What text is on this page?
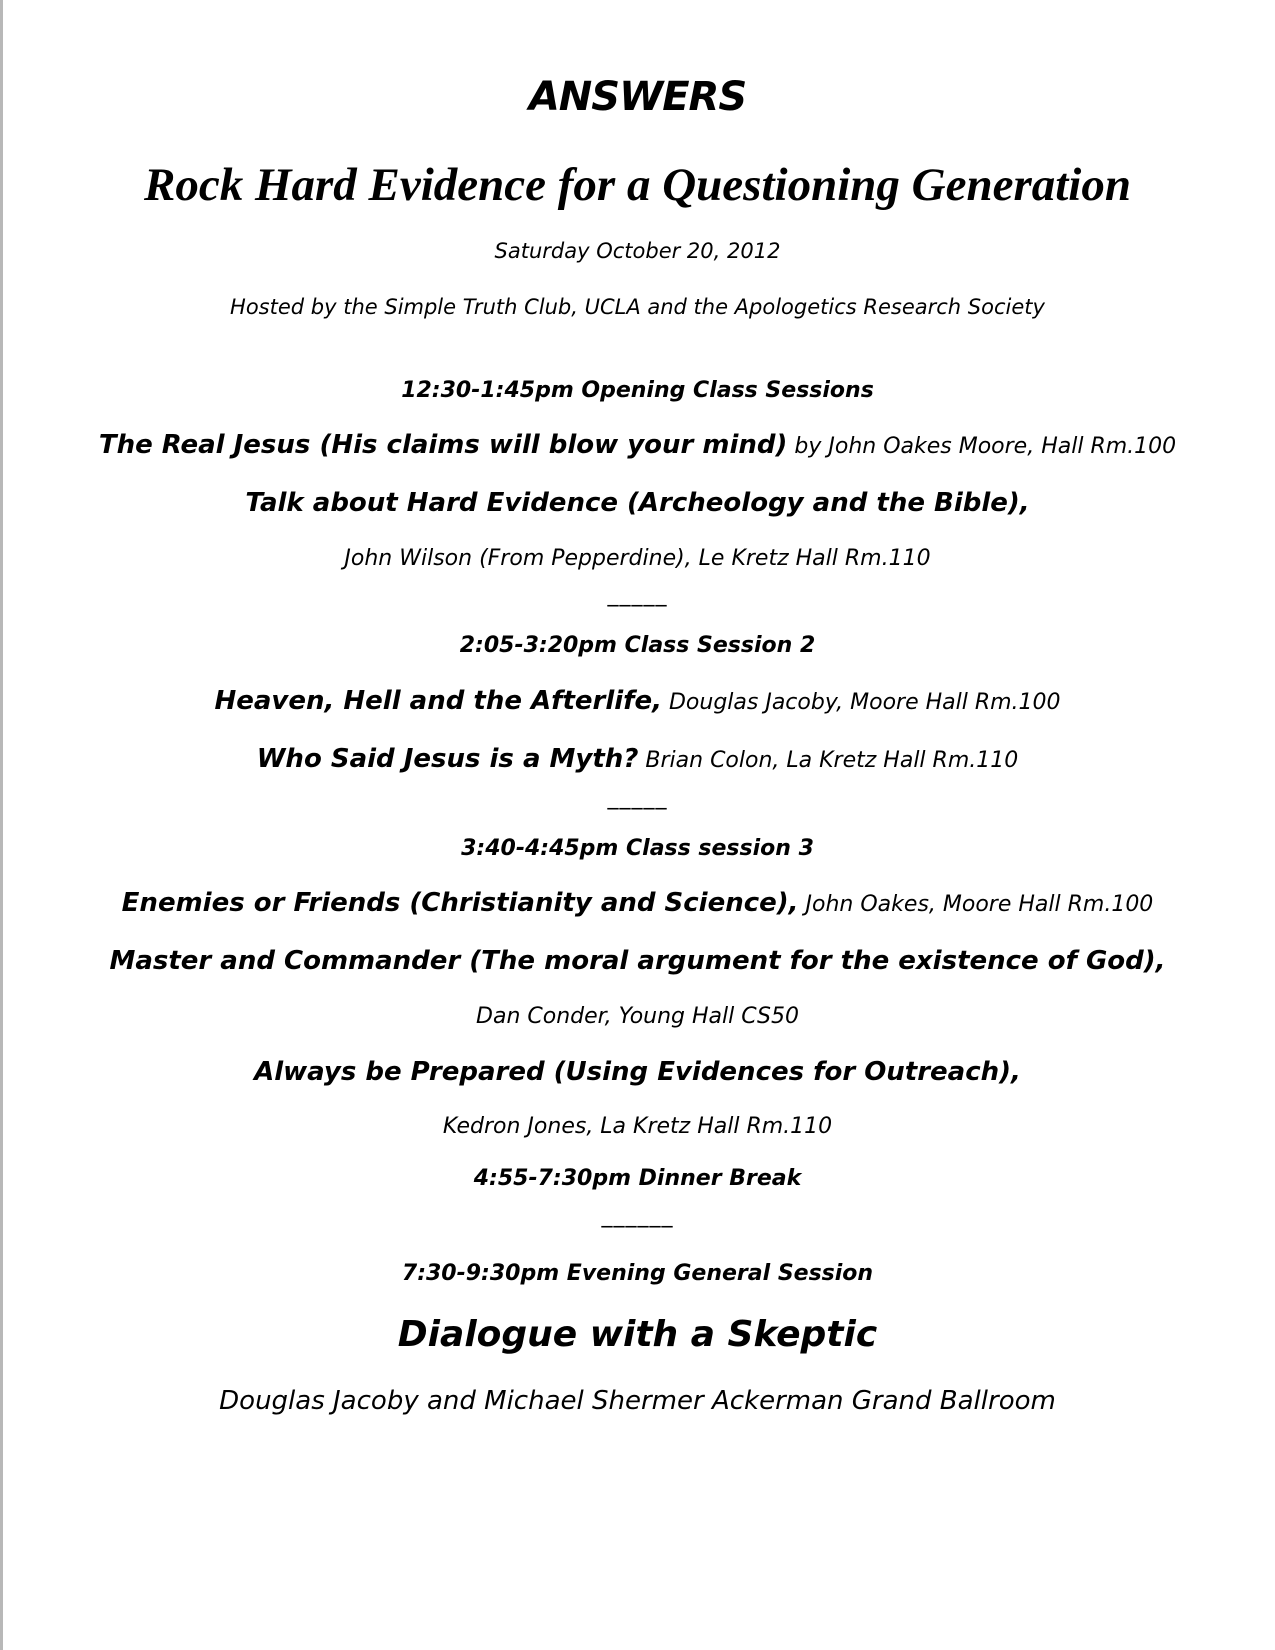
ANSWERS
Rock Hard Evidence for a Questioning Generation
Saturday October 20, 2012
Hosted by the Simple Truth Club, UCLA and the Apologetics Research Society
12:30-1:45pm Opening Class Sessions
The Real Jesus (His claims will blow your mind) by John Oakes Moore, Hall Rm.100
Talk about Hard Evidence (Archeology and the Bible),
John Wilson (From Pepperdine), Le Kretz Hall Rm.110
_____
2:05-3:20pm Class Session 2
Heaven, Hell and the Afterlife, Douglas Jacoby, Moore Hall Rm.100
Who Said Jesus is a Myth? Brian Colon, La Kretz Hall Rm.110
_____
3:40-4:45pm Class session 3
Enemies or Friends (Christianity and Science), John Oakes, Moore Hall Rm.100
Master and Commander (The moral argument for the existence of God),
Dan Conder, Young Hall CS50
Always be Prepared (Using Evidences for Outreach),
Kedron Jones, La Kretz Hall Rm.110
4:55-7:30pm Dinner Break
______
7:30-9:30pm Evening General Session
Dialogue with a Skeptic
Douglas Jacoby and Michael Shermer Ackerman Grand Ballroom
